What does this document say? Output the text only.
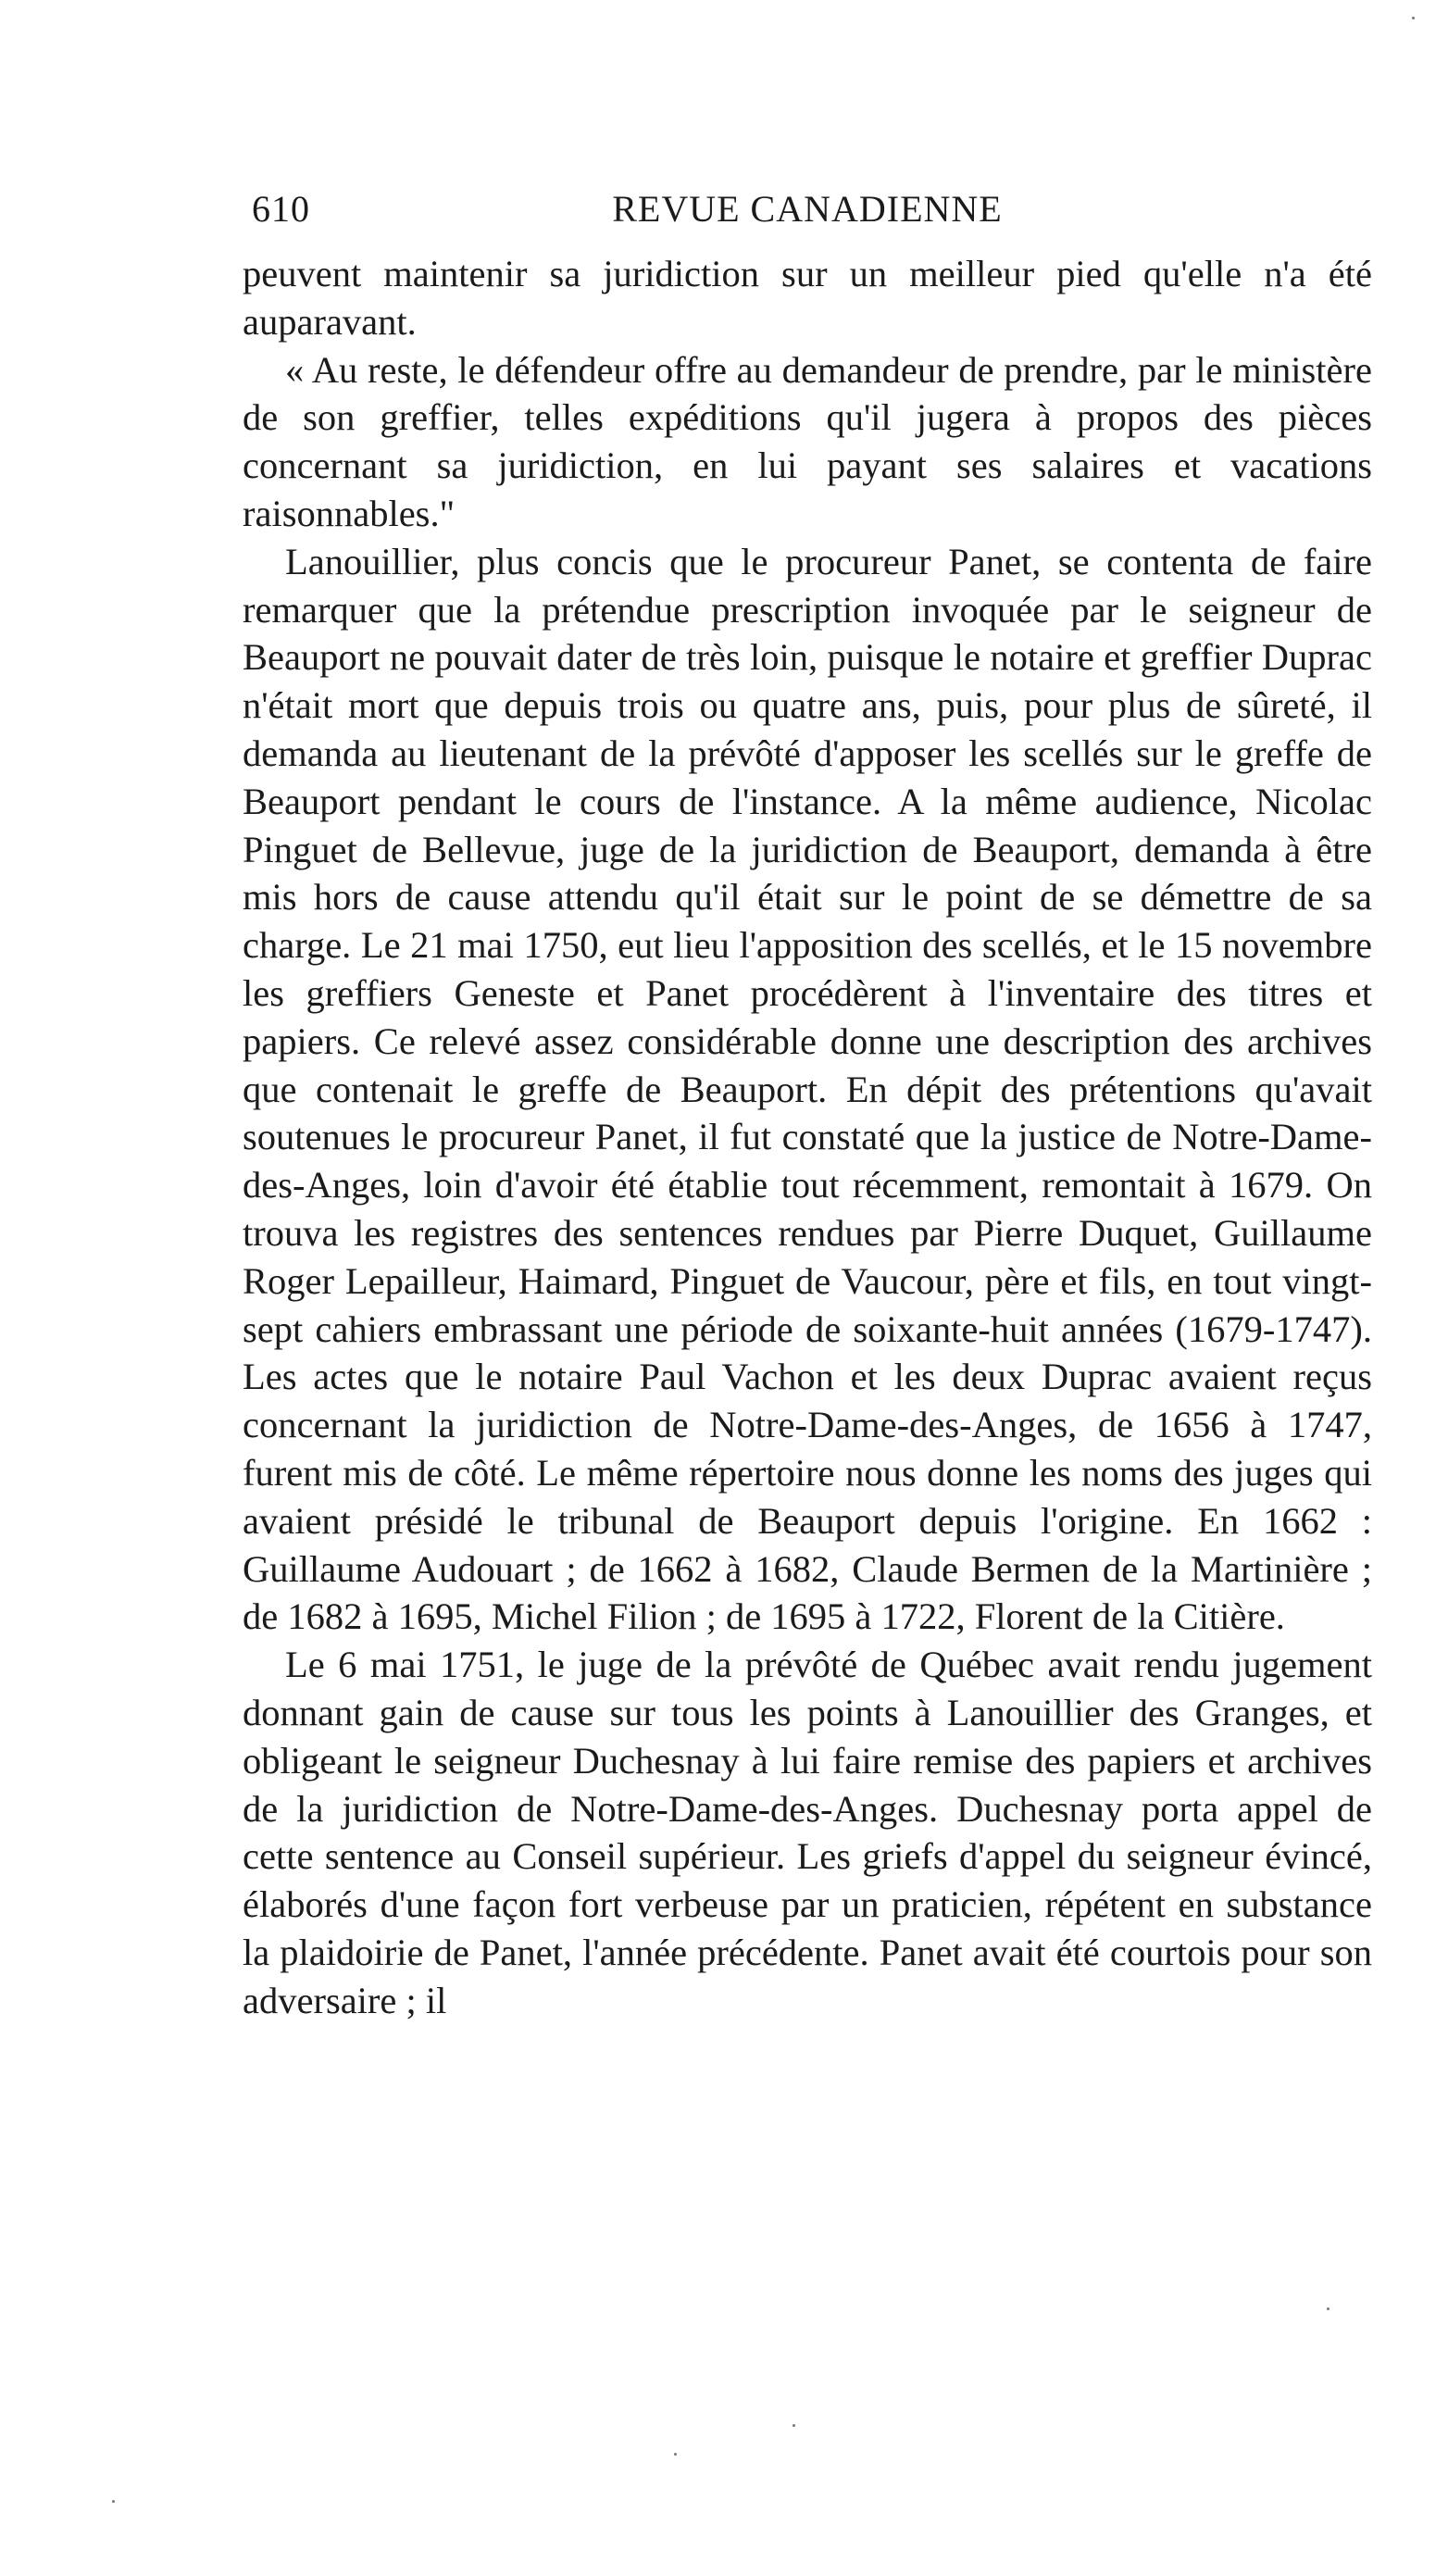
610	REVUE CANADIENNE

peuvent maintenir sa juridiction sur un meilleur pied qu'elle n'a été auparavant.

« Au reste, le défendeur offre au demandeur de prendre, par le ministère de son greffier, telles expéditions qu'il jugera à propos des pièces concernant sa juridiction, en lui payant ses salaires et vacations raisonnables."

Lanouillier, plus concis que le procureur Panet, se contenta de faire remarquer que la prétendue prescription invoquée par le seigneur de Beauport ne pouvait dater de très loin, puisque le notaire et greffier Duprac n'était mort que depuis trois ou quatre ans, puis, pour plus de sûreté, il demanda au lieutenant de la prévôté d'apposer les scellés sur le greffe de Beauport pendant le cours de l'instance. A la même audience, Nicolac Pinguet de Bellevue, juge de la juridiction de Beauport, demanda à être mis hors de cause attendu qu'il était sur le point de se démettre de sa charge. Le 21 mai 1750, eut lieu l'apposition des scellés, et le 15 novembre les greffiers Geneste et Panet procédèrent à l'inventaire des titres et papiers. Ce relevé assez considérable donne une description des archives que contenait le greffe de Beauport. En dépit des prétentions qu'avait soutenues le procureur Panet, il fut constaté que la justice de Notre-Dame-des-Anges, loin d'avoir été établie tout récemment, remontait à 1679. On trouva les registres des sentences rendues par Pierre Duquet, Guillaume Roger Lepailleur, Haimard, Pinguet de Vaucour, père et fils, en tout vingt-sept cahiers embrassant une période de soixante-huit années (1679-1747). Les actes que le notaire Paul Vachon et les deux Duprac avaient reçus concernant la juridiction de Notre-Dame-des-Anges, de 1656 à 1747, furent mis de côté. Le même répertoire nous donne les noms des juges qui avaient présidé le tribunal de Beauport depuis l'origine. En 1662 : Guillaume Audouart ; de 1662 à 1682, Claude Bermen de la Martinière ; de 1682 à 1695, Michel Filion ; de 1695 à 1722, Florent de la Citière.

Le 6 mai 1751, le juge de la prévôté de Québec avait rendu jugement donnant gain de cause sur tous les points à Lanouillier des Granges, et obligeant le seigneur Duchesnay à lui faire remise des papiers et archives de la juridiction de Notre-Dame-des-Anges. Duchesnay porta appel de cette sentence au Conseil supérieur. Les griefs d'appel du seigneur évincé, élaborés d'une façon fort verbeuse par un praticien, répétent en substance la plaidoirie de Panet, l'année précédente. Panet avait été courtois pour son adversaire ; il
